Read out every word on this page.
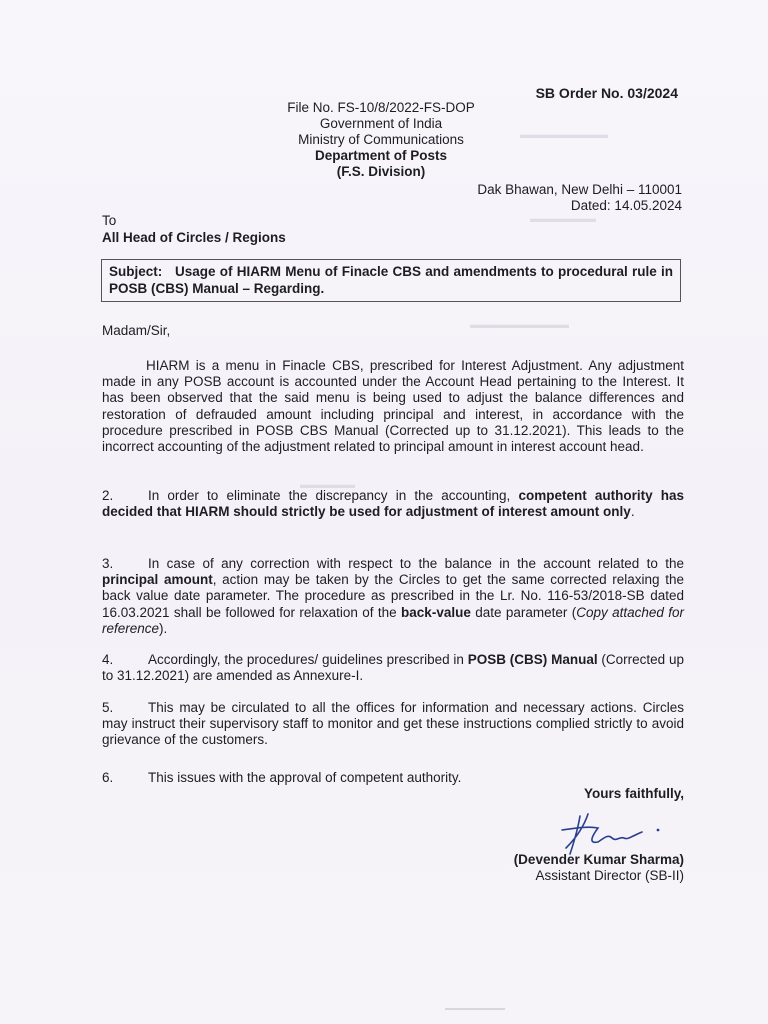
▬▬▬▬▬▬▬▬
▬▬▬▬▬▬
▬▬▬▬▬▬▬▬▬
▬▬▬▬▬
SB Order No. 03/2024
File No. FS-10/8/2022-FS-DOP
Government of India
Ministry of Communications
Department of Posts
(F.S. Division)
Dak Bhawan, New Delhi – 110001
Dated: 14.05.2024
To
All Head of Circles / Regions
Subject: Usage of HIARM Menu of Finacle CBS and amendments to procedural rule in POSB (CBS) Manual – Regarding.
Madam/Sir,
HIARM is a menu in Finacle CBS, prescribed for Interest Adjustment. Any adjustment made in any POSB account is accounted under the Account Head pertaining to the Interest. It has been observed that the said menu is being used to adjust the balance differences and restoration of defrauded amount including principal and interest, in accordance with the procedure prescribed in POSB CBS Manual (Corrected up to 31.12.2021). This leads to the incorrect accounting of the adjustment related to principal amount in interest account head.
2.	In order to eliminate the discrepancy in the accounting, competent authority has decided that HIARM should strictly be used for adjustment of interest amount only.
3.	In case of any correction with respect to the balance in the account related to the principal amount, action may be taken by the Circles to get the same corrected relaxing the back value date parameter. The procedure as prescribed in the Lr. No. 116-53/2018-SB dated 16.03.2021 shall be followed for relaxation of the back-value date parameter (Copy attached for reference).
4.	Accordingly, the procedures/ guidelines prescribed in POSB (CBS) Manual (Corrected up to 31.12.2021) are amended as Annexure-I.
5.	This may be circulated to all the offices for information and necessary actions. Circles may instruct their supervisory staff to monitor and get these instructions complied strictly to avoid grievance of the customers.
6.	This issues with the approval of competent authority.
Yours faithfully,
(Devender Kumar Sharma)
Assistant Director (SB-II)
